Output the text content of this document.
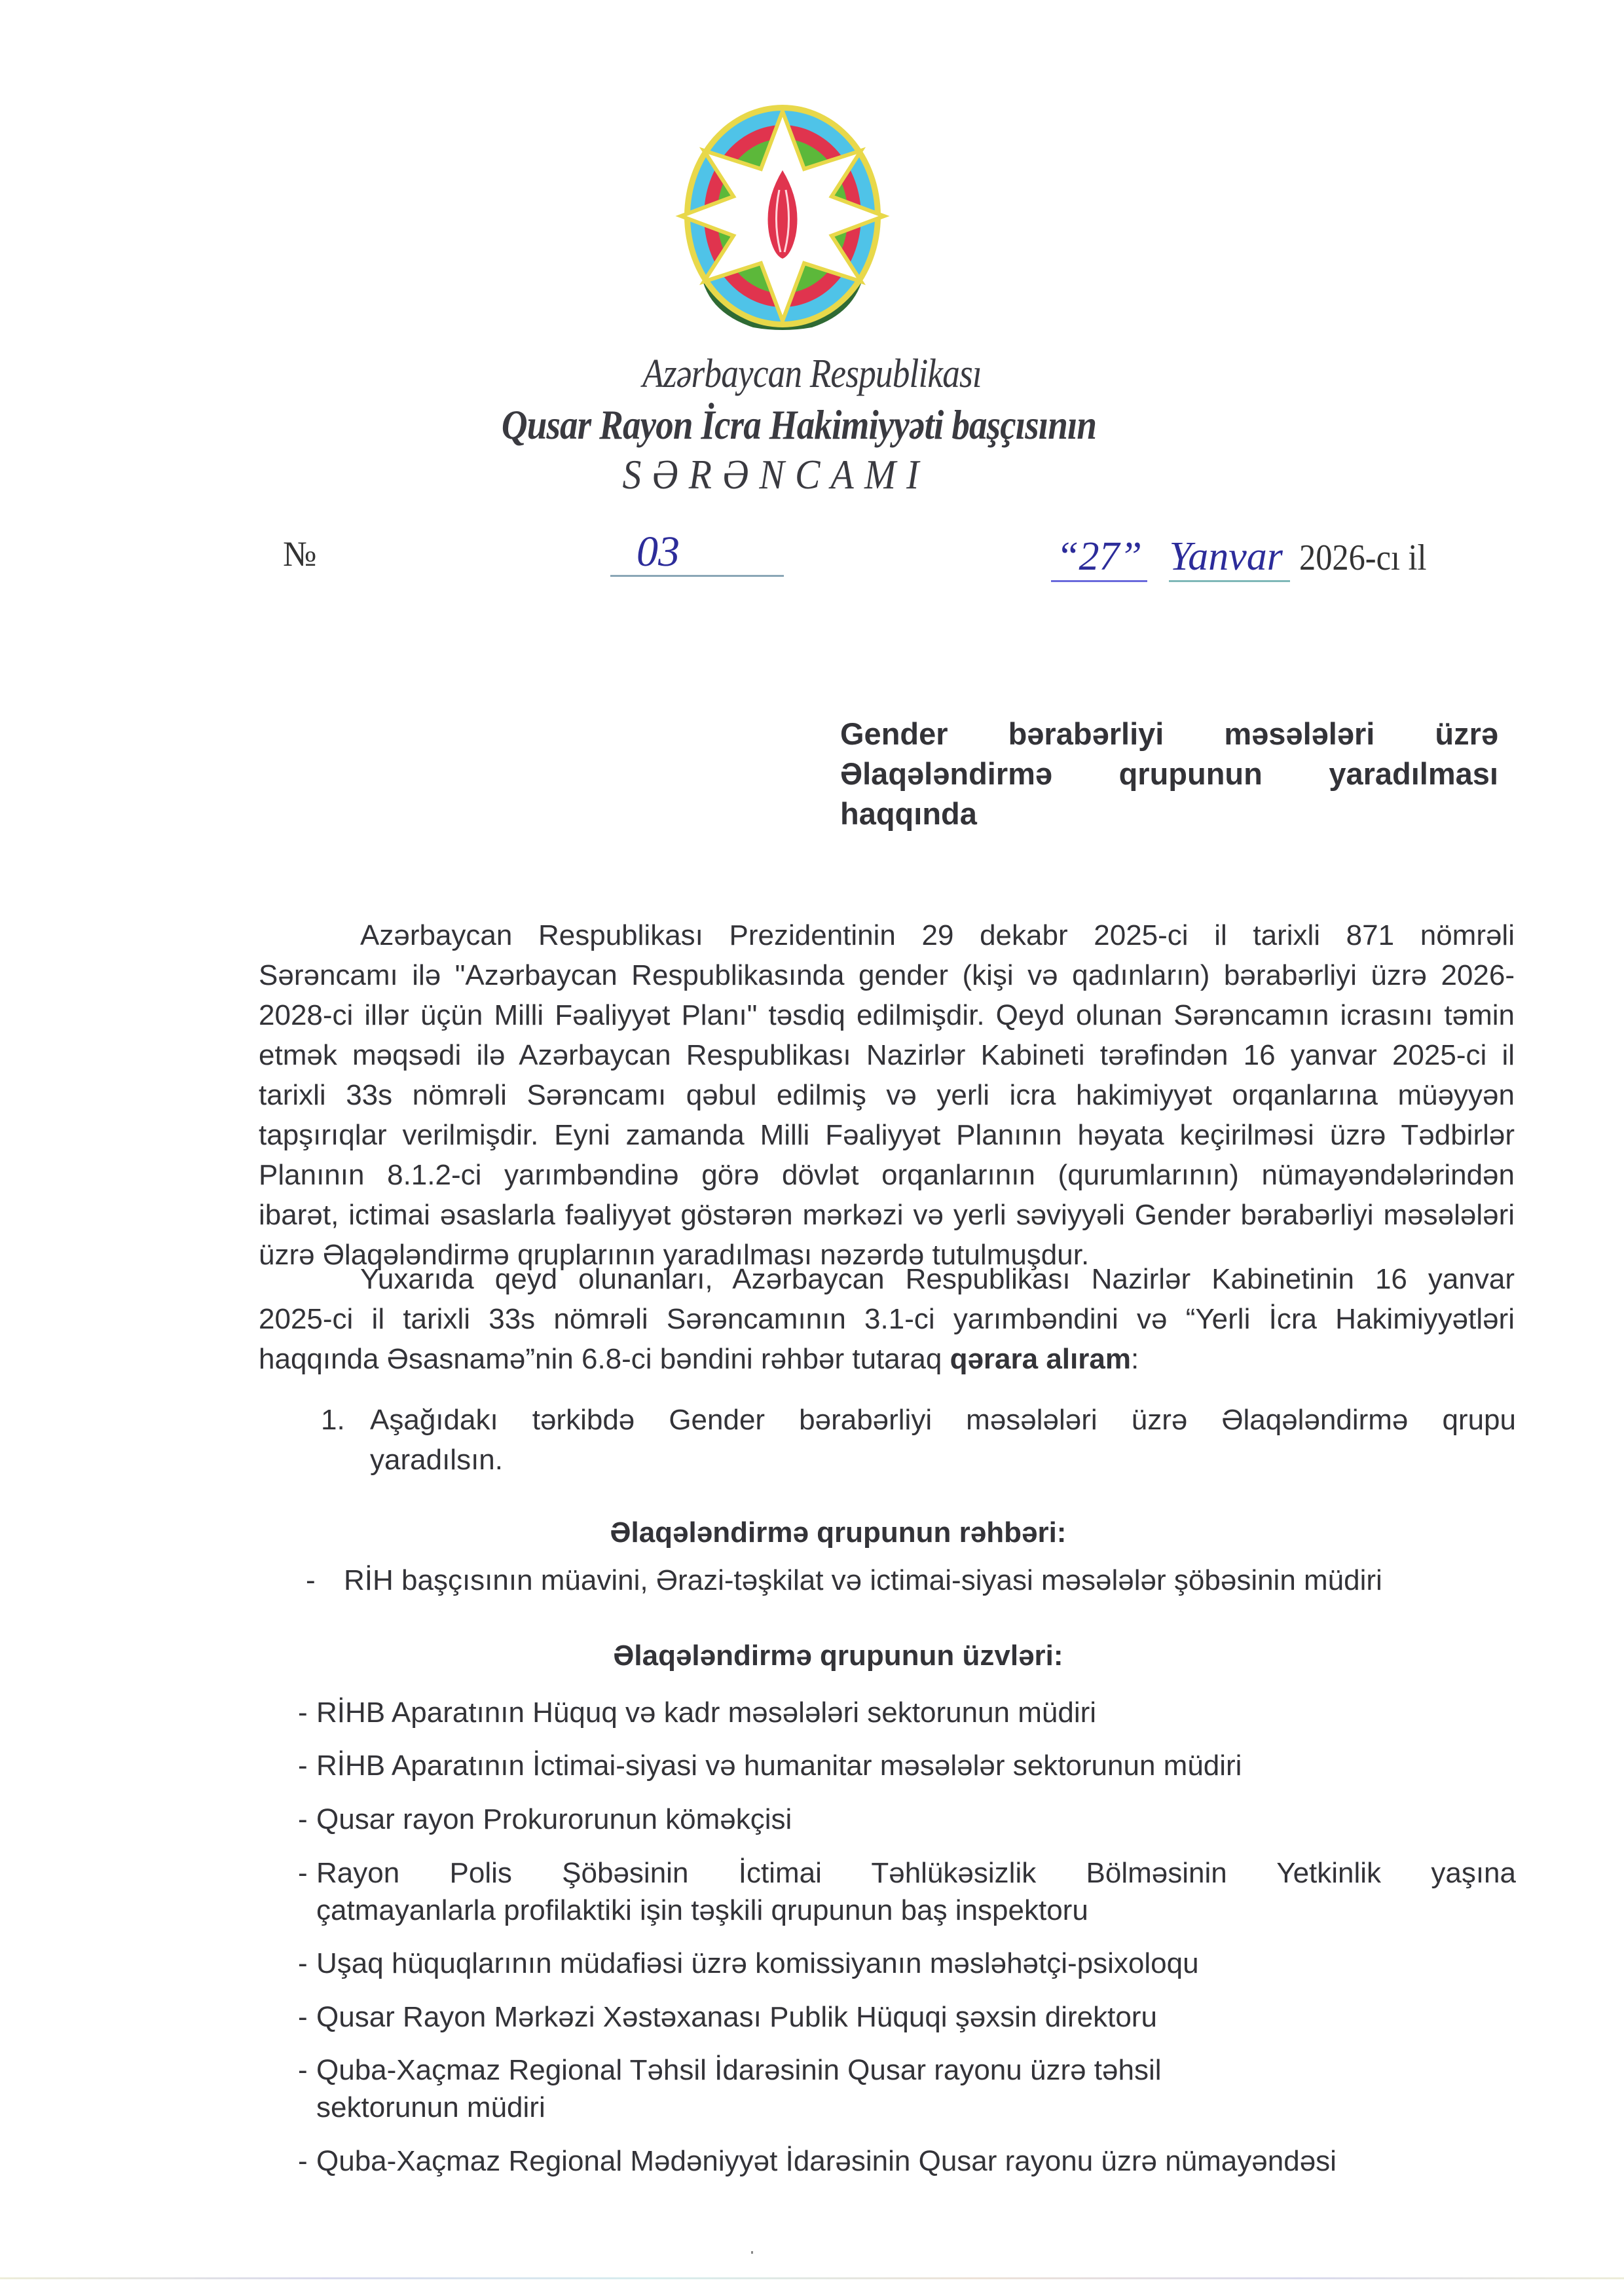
Azərbaycan Respublikası
Qusar Rayon İcra Hakimiyyəti başçısının
SƏRƏNCAMI
№	03	“27” Yanvar 2026-cı il
Gender bərabərliyi məsələləri üzrə
Əlaqələndirmə qrupunun yaradılması
haqqında
Azərbaycan Respublikası Prezidentinin 29 dekabr 2025-ci il tarixli 871 nömrəli
Sərəncamı ilə "Azərbaycan Respublikasında gender (kişi və qadınların) bərabərliyi üzrə 2026-
2028-ci illər üçün Milli Fəaliyyət Planı" təsdiq edilmişdir. Qeyd olunan Sərəncamın icrasını təmin
etmək məqsədi ilə Azərbaycan Respublikası Nazirlər Kabineti tərəfindən 16 yanvar 2025-ci il
tarixli 33s nömrəli Sərəncamı qəbul edilmiş və yerli icra hakimiyyət orqanlarına müəyyən
tapşırıqlar verilmişdir. Eyni zamanda Milli Fəaliyyət Planının həyata keçirilməsi üzrə Tədbirlər
Planının 8.1.2-ci yarımbəndinə görə dövlət orqanlarının (qurumlarının) nümayəndələrindən
ibarət, ictimai əsaslarla fəaliyyət göstərən mərkəzi və yerli səviyyəli Gender bərabərliyi məsələləri
üzrə Əlaqələndirmə qruplarının yaradılması nəzərdə tutulmuşdur.
Yuxarıda qeyd olunanları, Azərbaycan Respublikası Nazirlər Kabinetinin 16 yanvar
2025-ci il tarixli 33s nömrəli Sərəncamının 3.1-ci yarımbəndini və “Yerli İcra Hakimiyyətləri
haqqında Əsasnamə”nin 6.8-ci bəndini rəhbər tutaraq qərara alıram:
1. Aşağıdakı tərkibdə Gender bərabərliyi məsələləri üzrə Əlaqələndirmə qrupu
yaradılsın.
Əlaqələndirmə qrupunun rəhbəri:
- RİH başçısının müavini, Ərazi-təşkilat və ictimai-siyasi məsələlər şöbəsinin müdiri
Əlaqələndirmə qrupunun üzvləri:
- RİHB Aparatının Hüquq və kadr məsələləri sektorunun müdiri
- RİHB Aparatının İctimai-siyasi və humanitar məsələlər sektorunun müdiri
- Qusar rayon Prokurorunun köməkçisi
- Rayon Polis Şöbəsinin İctimai Təhlükəsizlik Bölməsinin Yetkinlik yaşına
çatmayanlarla profilaktiki işin təşkili qrupunun baş inspektoru
- Uşaq hüquqlarının müdafiəsi üzrə komissiyanın məsləhətçi-psixoloqu
- Qusar Rayon Mərkəzi Xəstəxanası Publik Hüquqi şəxsin direktoru
- Quba-Xaçmaz Regional Təhsil İdarəsinin Qusar rayonu üzrə təhsil
sektorunun müdiri
- Quba-Xaçmaz Regional Mədəniyyət İdarəsinin Qusar rayonu üzrə nümayəndəsi
